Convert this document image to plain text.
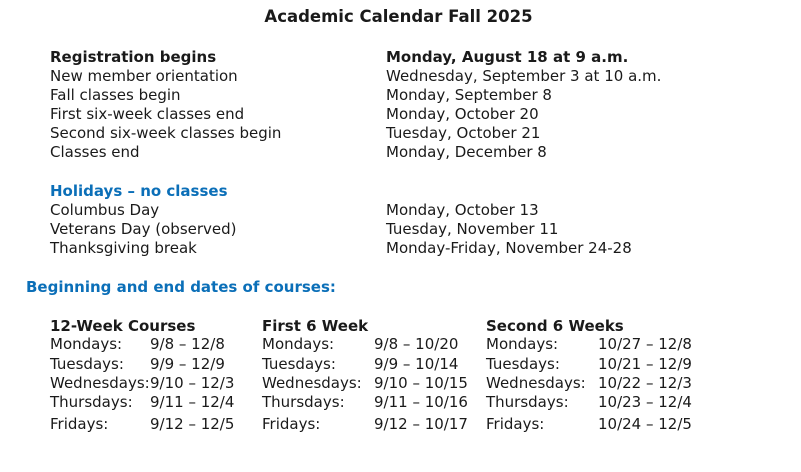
Academic Calendar Fall 2025
Registration begins	Monday, August 18 at 9 a.m.
New member orientation	Wednesday, September 3 at 10 a.m.
Fall classes begin	Monday, September 8
First six-week classes end	Monday, October 20
Second six-week classes begin	Tuesday, October 21
Classes end	Monday, December 8
Holidays – no classes
Columbus Day	Monday, October 13
Veterans Day (observed)	Tuesday, November 11
Thanksgiving break	Monday-Friday, November 24-28
Beginning and end dates of courses:
12-Week Courses
Mondays: 9/8 – 12/8
Tuesdays: 9/9 – 12/9
Wednesdays: 9/10 – 12/3
Thursdays: 9/11 – 12/4
Fridays:	9/12 – 12/5
First 6 Week
Mondays:	9/8 – 10/20
Tuesdays:	9/9 – 10/14
Wednesdays: 9/10 – 10/15
Thursdays: 9/11 – 10/16
Fridays:	9/12 – 10/17
Second 6 Weeks
Mondays:	10/27 – 12/8
Tuesdays:	10/21 – 12/9
Wednesdays: 10/22 – 12/3
Thursdays: 10/23 – 12/4
Fridays:	10/24 – 12/5
